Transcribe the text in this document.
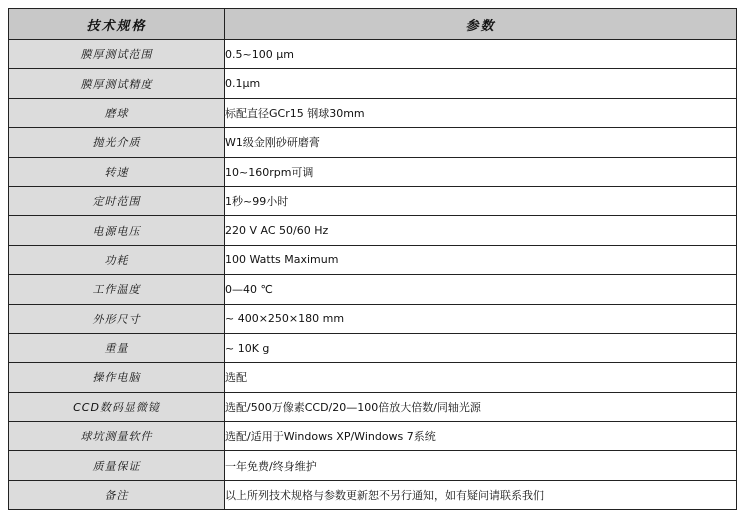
技术规格	参数
膜厚测试范围	0.5~100 μm
膜厚测试精度	0.1μm
磨球	标配直径GCr15 钢球30mm
抛光介质	W1级金刚砂研磨膏
转速	10~160rpm可调
定时范围	1秒~99小时
电源电压	220 V AC 50/60 Hz
功耗	100 Watts Maximum
工作温度	0—40 ℃
外形尺寸	~ 400×250×180 mm
重量	~ 10K g
操作电脑	选配
CCD数码显微镜	选配/500万像素CCD/20—100倍放大倍数/同轴光源
球坑测量软件	选配/适用于Windows XP/Windows 7系统
质量保证	一年免费/终身维护
备注	以上所列技术规格与参数更新恕不另行通知，如有疑问请联系我们
